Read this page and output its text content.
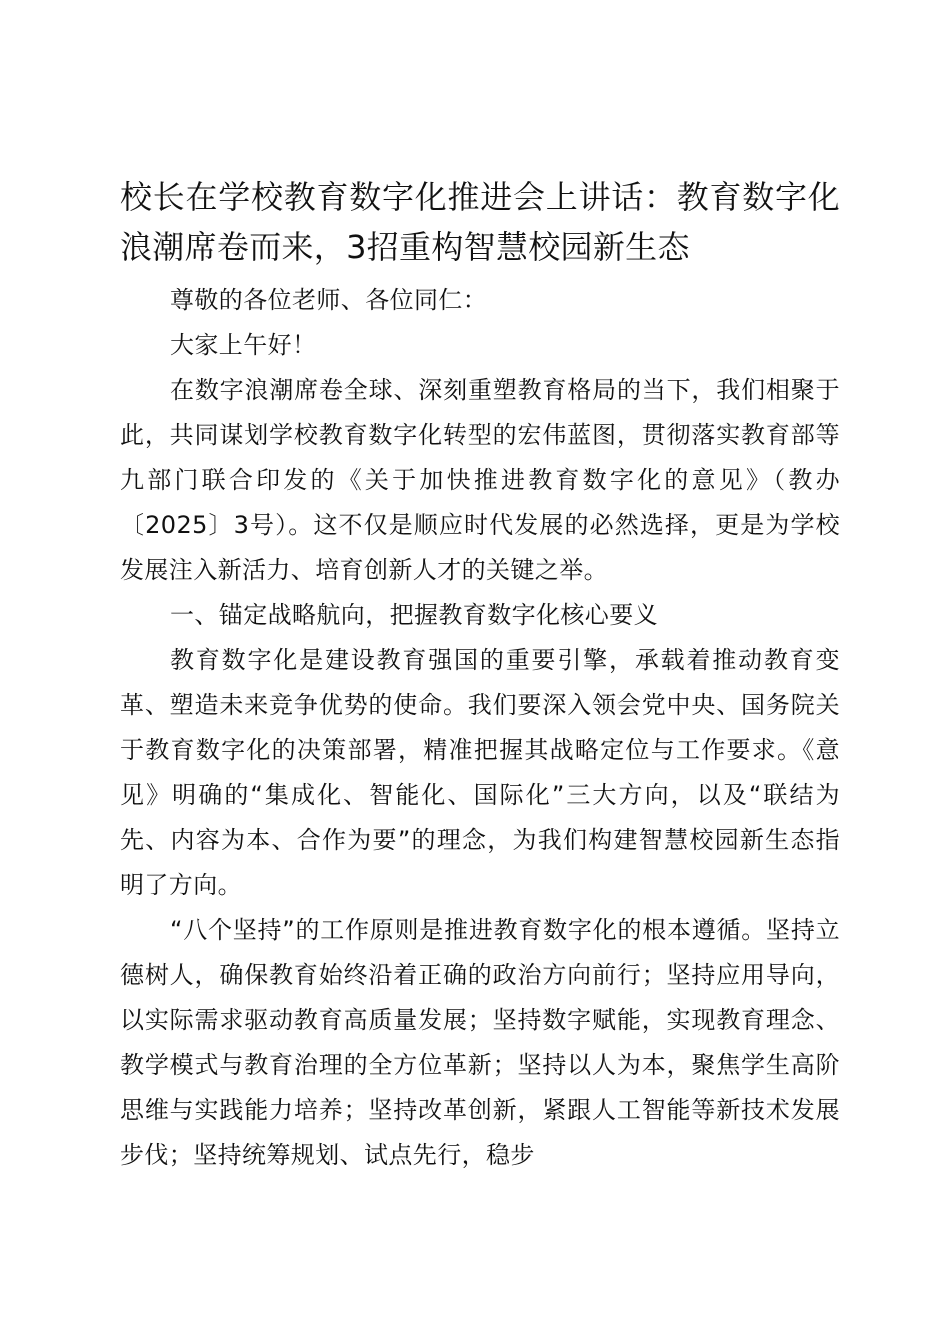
校长在学校教育数字化推进会上讲话：教育数字化浪潮席卷而来，3招重构智慧校园新生态

尊敬的各位老师、各位同仁：

大家上午好！

在数字浪潮席卷全球、深刻重塑教育格局的当下，我们相聚于此，共同谋划学校教育数字化转型的宏伟蓝图，贯彻落实教育部等九部门联合印发的《关于加快推进教育数字化的意见》（教办〔2025〕3号）。这不仅是顺应时代发展的必然选择，更是为学校发展注入新活力、培育创新人才的关键之举。

一、锚定战略航向，把握教育数字化核心要义

教育数字化是建设教育强国的重要引擎，承载着推动教育变革、塑造未来竞争优势的使命。我们要深入领会党中央、国务院关于教育数字化的决策部署，精准把握其战略定位与工作要求。《意见》明确的“集成化、智能化、国际化”三大方向，以及“联结为先、内容为本、合作为要”的理念，为我们构建智慧校园新生态指明了方向。

“八个坚持”的工作原则是推进教育数字化的根本遵循。坚持立德树人，确保教育始终沿着正确的政治方向前行；坚持应用导向，以实际需求驱动教育高质量发展；坚持数字赋能，实现教育理念、教学模式与教育治理的全方位革新；坚持以人为本，聚焦学生高阶思维与实践能力培养；坚持改革创新，紧跟人工智能等新技术发展步伐；坚持统筹规划、试点先行，稳步
